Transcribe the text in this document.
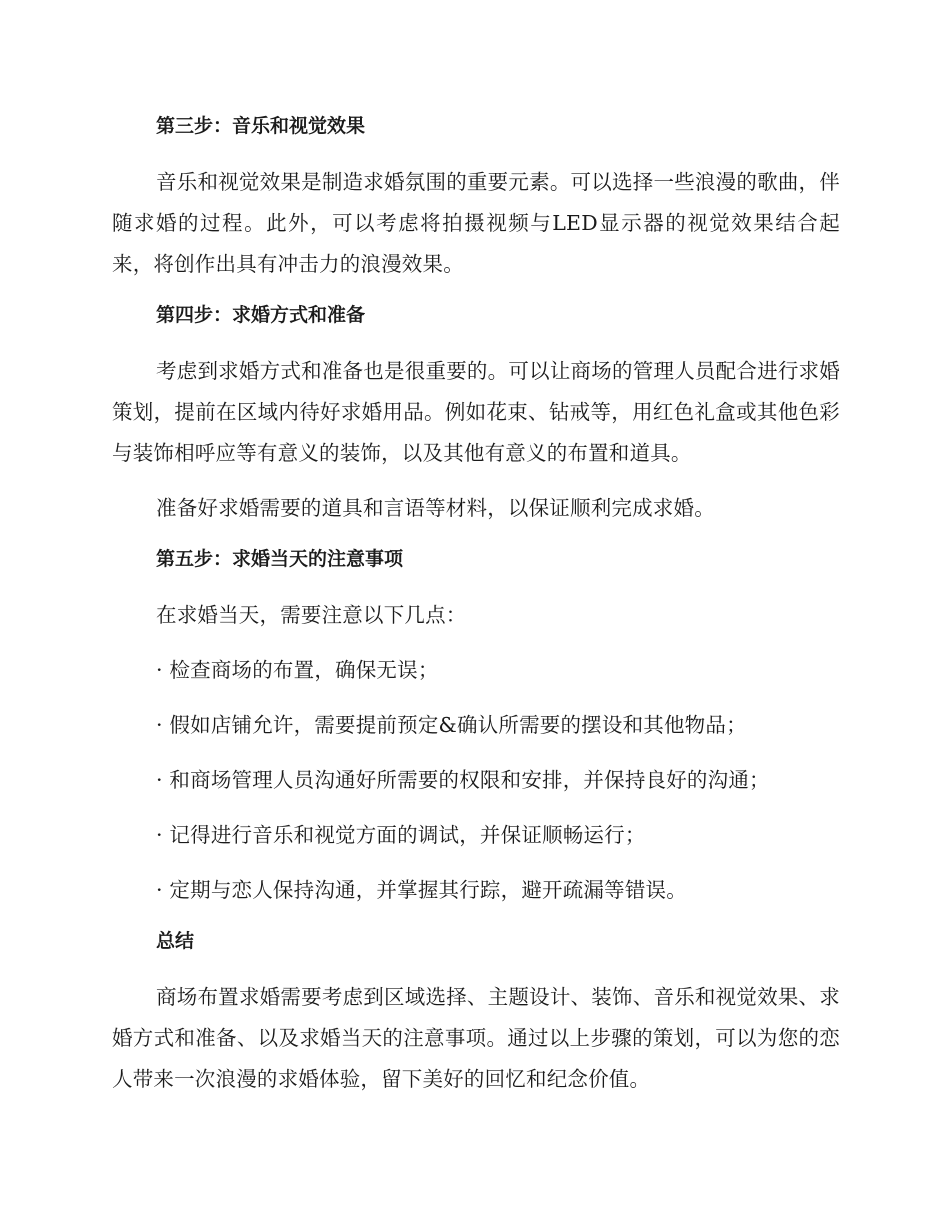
第三步：音乐和视觉效果

音乐和视觉效果是制造求婚氛围的重要元素。可以选择一些浪漫的歌曲，伴随求婚的过程。此外，可以考虑将拍摄视频与LED显示器的视觉效果结合起来，将创作出具有冲击力的浪漫效果。

第四步：求婚方式和准备

考虑到求婚方式和准备也是很重要的。可以让商场的管理人员配合进行求婚策划，提前在区域内待好求婚用品。例如花束、钻戒等，用红色礼盒或其他色彩与装饰相呼应等有意义的装饰，以及其他有意义的布置和道具。

准备好求婚需要的道具和言语等材料，以保证顺利完成求婚。

第五步：求婚当天的注意事项

在求婚当天，需要注意以下几点：

· 检查商场的布置，确保无误；

· 假如店铺允许，需要提前预定&确认所需要的摆设和其他物品；

· 和商场管理人员沟通好所需要的权限和安排，并保持良好的沟通；

· 记得进行音乐和视觉方面的调试，并保证顺畅运行；

· 定期与恋人保持沟通，并掌握其行踪，避开疏漏等错误。

总结

商场布置求婚需要考虑到区域选择、主题设计、装饰、音乐和视觉效果、求婚方式和准备、以及求婚当天的注意事项。通过以上步骤的策划，可以为您的恋人带来一次浪漫的求婚体验，留下美好的回忆和纪念价值。
